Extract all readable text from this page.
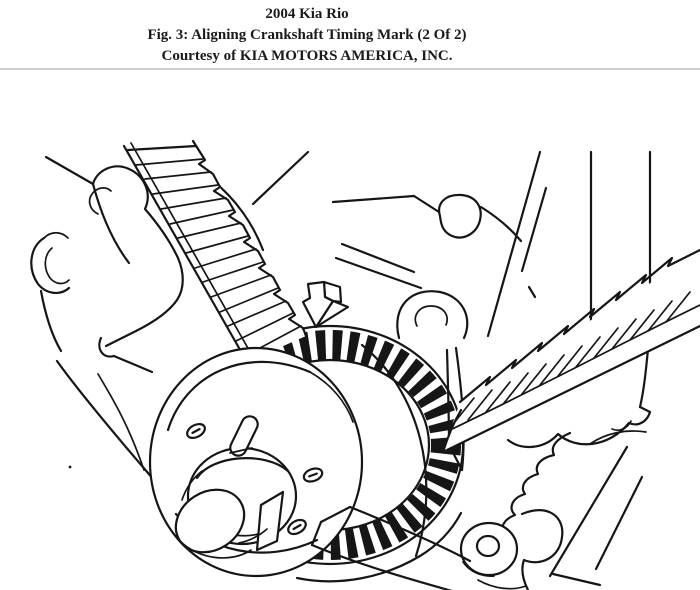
2004 Kia Rio
Fig. 3: Aligning Crankshaft Timing Mark (2 Of 2)
Courtesy of KIA MOTORS AMERICA, INC.
